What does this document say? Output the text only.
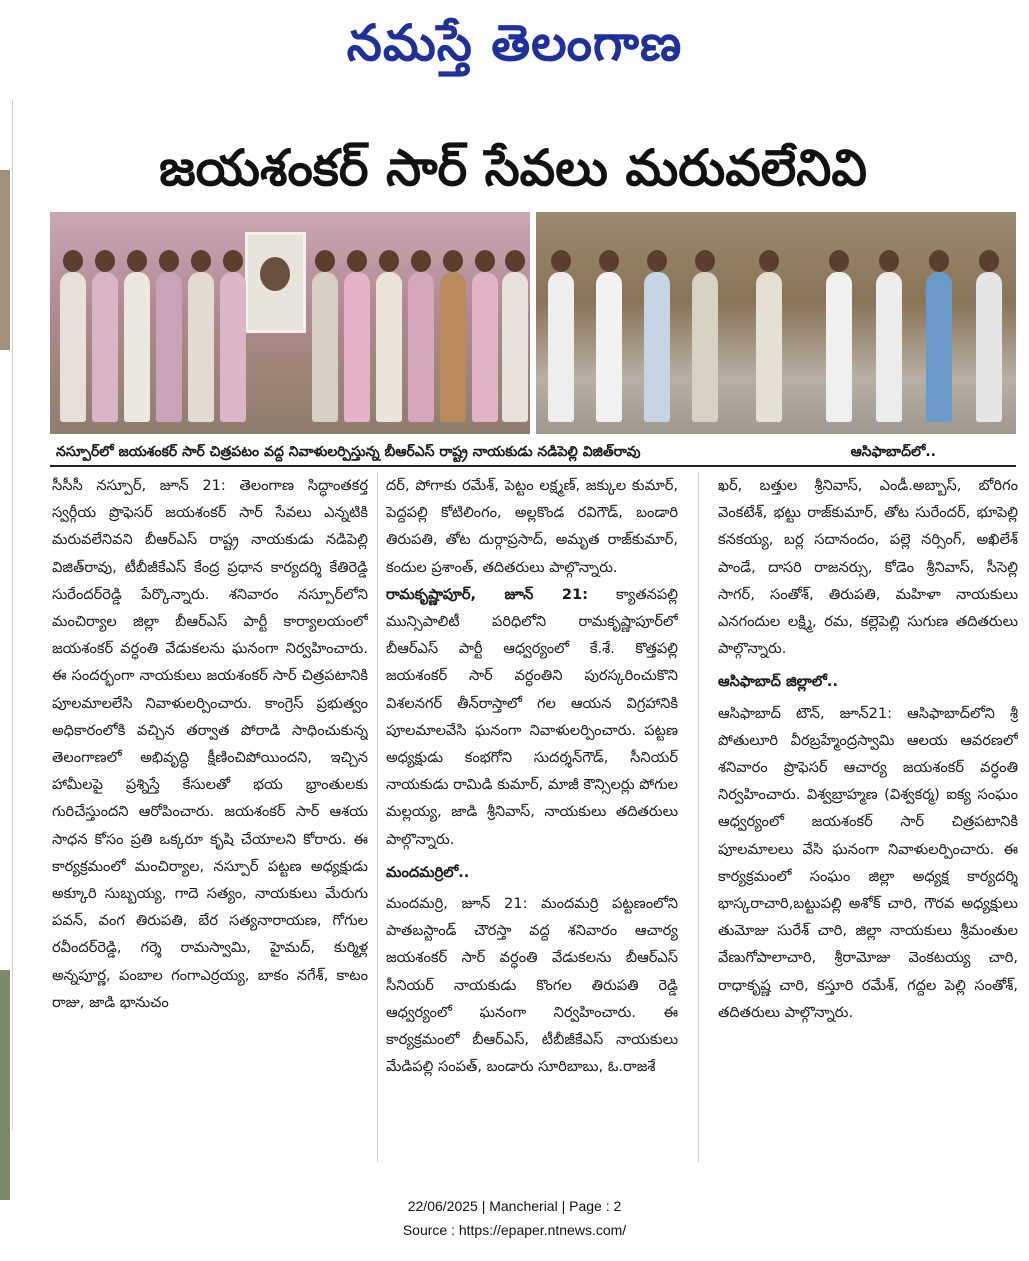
నమస్తే తెలంగాణ
జయశంకర్ సార్ సేవలు మరువలేనివి
నస్పూర్‌లో జయశంకర్ సార్ చిత్రపటం వద్ద నివాళులర్పిస్తున్న బీఆర్ఎస్ రాష్ట్ర నాయకుడు నడిపెల్లి విజిత్‌రావు	ఆసిఫాబాద్‌లో..

సీసీసీ నస్పూర్, జూన్ 21: తెలంగాణ సిద్ధాంతకర్త స్వర్గీయ ప్రొఫెసర్ జయశంకర్ సార్ సేవలు ఎన్నటికి మరువలేనివని బీఆర్ఎస్ రాష్ట్ర నాయకుడు నడిపెల్లి విజిత్‌రావు, టీబీజీకేఎస్ కేంద్ర ప్రధాన కార్యదర్శి కేతిరెడ్డి సురేందర్‌రెడ్డి పేర్కొన్నారు. శనివారం నస్పూర్‌లోని మంచిర్యాల జిల్లా బీఆర్ఎస్ పార్టీ కార్యాలయంలో జయశంకర్ వర్ధంతి వేడుకలను ఘనంగా నిర్వహించారు. ఈ సందర్భంగా నాయకులు జయశంకర్ సార్ చిత్రపటానికి పూలమాలలేసి నివాళులర్పించారు. కాంగ్రెస్ ప్రభుత్వం అధికారంలోకి వచ్చిన తర్వాత పోరాడి సాధించుకున్న తెలంగాణలో అభివృద్ధి క్షీణించిపోయిందని, ఇచ్చిన హామీలపై ప్రశ్నిస్తే కేసులతో భయ భ్రాంతులకు గురిచేస్తుందని ఆరోపించారు. జయశంకర్ సార్ ఆశయ సాధన కోసం ప్రతి ఒక్కరూ కృషి చేయాలని కోరారు. ఈ కార్యక్రమంలో మంచిర్యాల, నస్పూర్ పట్టణ అధ్యక్షుడు అక్కూరి సుబ్బయ్య, గాదె సత్యం, నాయకులు మేరుగు పవన్, వంగ తిరుపతి, బేర సత్యనారాయణ, గోగుల రవీందర్‌రెడ్డి, గర్శె రామస్వామి, హైమద్, కుర్మిళ్ల అన్నపూర్ణ, పంబాల గంగాఎర్రయ్య, బాకం నగేశ్, కాటం రాజు, జాడి భానుచం

దర్, పోగాకు రమేశ్, పెట్టం లక్ష్మణ్, జక్కుల కుమార్, పెద్దపల్లి కోటిలింగం, అల్లకొండ రవిగౌడ్, బండారి తిరుపతి, తోట దుర్గాప్రసాద్, అమృత రాజ్‌కుమార్, కందుల ప్రశాంత్, తదితరులు పాల్గొన్నారు.

రామకృష్ణాపూర్, జూన్ 21: క్యాతనపల్లి మున్సిపాలిటీ పరిధిలోని రామకృష్ణాపూర్‌లో బీఆర్ఎస్ పార్టీ ఆధ్వర్యంలో కే.శే. కొత్తపల్లి జయశంకర్ సార్ వర్ధంతిని పురస్కరించుకొని విశలనగర్ తీన్‌రాస్తాలో గల ఆయన విగ్రహానికి పూలమాలవేసి ఘనంగా నివాళులర్పించారు. పట్టణ అధ్యక్షుడు కంభగోని సుదర్శన్‌గౌడ్, సీనియర్ నాయకుడు రామిడి కుమార్, మాజీ కౌన్సిలర్లు పోగుల మల్లయ్య, జాడి శ్రీనివాస్, నాయకులు తదితరులు పాల్గొన్నారు.

మందమర్రిలో..

మందమర్రి, జూన్ 21: మందమర్రి పట్టణంలోని పాతబస్టాండ్ చౌరస్తా వద్ద శనివారం ఆచార్య జయశంకర్ సార్ వర్ధంతి వేడుకలను బీఆర్ఎస్ సీనియర్ నాయకుడు కొంగల తిరుపతి రెడ్డి ఆధ్వర్యంలో ఘనంగా నిర్వహించారు. ఈ కార్యక్రమంలో బీఆర్ఎస్, టీబీజీకేఎస్ నాయకులు మేడిపల్లి సంపత్, బండారు సూరిబాబు, ఓ.రాజశే

ఖర్, బత్తుల శ్రీనివాస్, ఎండీ.అబ్బాస్, బోరిగం వెంకటేశ్, భట్టు రాజ్‌కుమార్, తోట సురేందర్, భూపెల్లి కనకయ్య, బర్ల సదానందం, పల్లె నర్సింగ్, అఖిలేశ్ పాండే, దాసరి రాజనర్సు, కోడెం శ్రీనివాస్, సీసెల్లి సాగర్, సంతోశ్, తిరుపతి, మహిళా నాయకులు ఎనగందుల లక్ష్మి, రమ, కల్లెపెల్లి సుగుణ తదితరులు పాల్గొన్నారు.

ఆసిఫాబాద్ జిల్లాలో..

ఆసిఫాబాద్ టౌన్, జూన్21: ఆసిఫాబాద్‌లోని శ్రీ పోతులూరి వీరబ్రహ్మేంద్రస్వామి ఆలయ ఆవరణలో శనివారం ప్రొఫెసర్ ఆచార్య జయశంకర్ వర్ధంతి నిర్వహించారు. విశ్వబ్రాహ్మణ (విశ్వకర్మ) ఐక్య సంఘం ఆధ్వర్యంలో జయశంకర్ సార్ చిత్రపటానికి పూలమాలలు వేసి ఘనంగా నివాళులర్పించారు. ఈ కార్యక్రమంలో సంఘం జిల్లా అధ్యక్ష కార్యదర్శి భాస్కరాచారి,బట్టుపల్లి అశోక్ చారి, గౌరవ అధ్యక్షులు తుమోజు సురేశ్ చారి, జిల్లా నాయకులు శ్రీమంతుల వేణుగోపాలాచారి, శ్రీరామోజు వెంకటయ్య చారి, రాధాకృష్ణ చారి, కస్తూరి రమేశ్, గద్దల పెల్లి సంతోశ్, తదితరులు పాల్గొన్నారు.

22/06/2025 | Mancherial | Page : 2
Source : https://epaper.ntnews.com/
